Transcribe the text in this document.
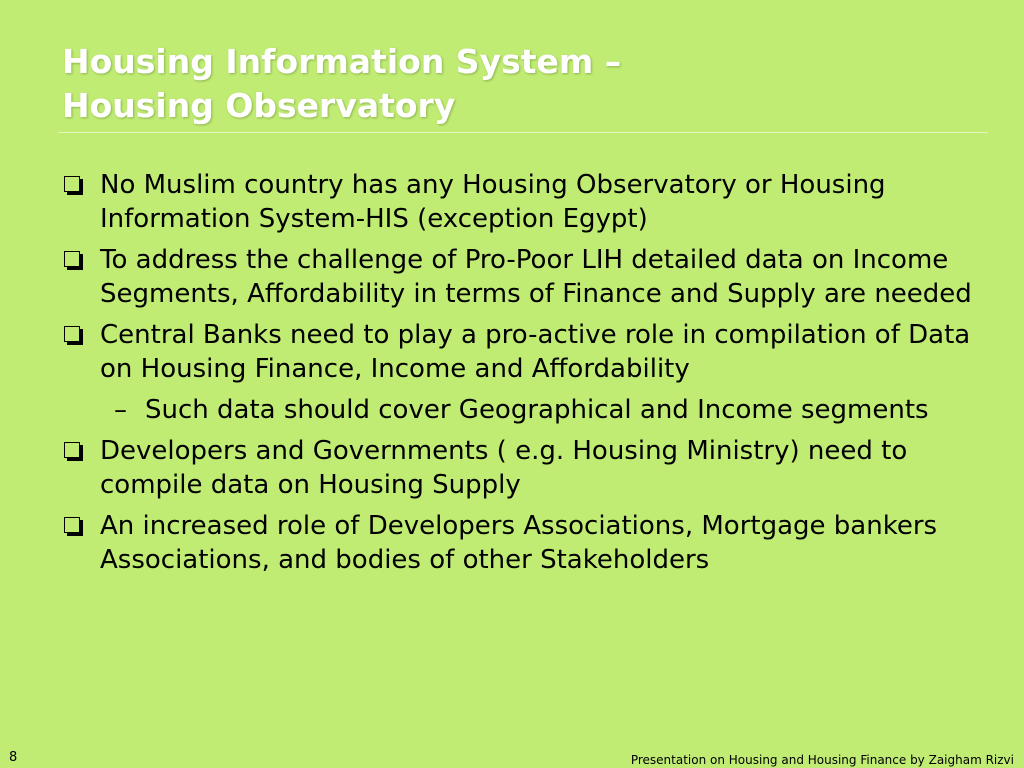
Housing Information System –
Housing Observatory
No Muslim country has any Housing Observatory or Housing Information System-HIS (exception Egypt)
To address the challenge of Pro-Poor LIH detailed data on Income Segments, Affordability in terms of Finance and Supply are needed
Central Banks need to play a pro-active role in compilation of Data on Housing Finance, Income and Affordability
– Such data should cover Geographical and Income segments
Developers and Governments ( e.g. Housing Ministry) need to compile data on Housing Supply
An increased role of Developers Associations, Mortgage bankers Associations, and bodies of other Stakeholders
8	Presentation on Housing and Housing Finance by Zaigham Rizvi
